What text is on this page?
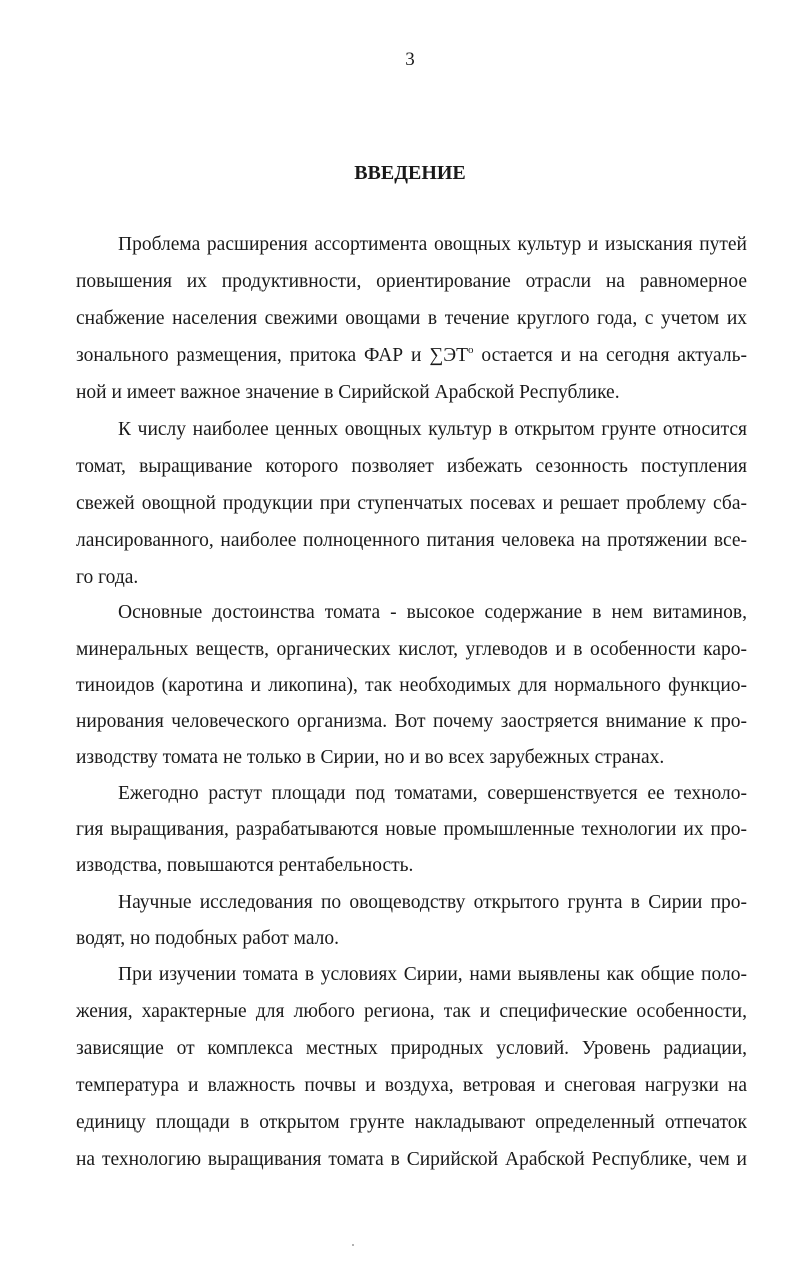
3
ВВЕДЕНИЕ
Проблема расширения ассортимента овощных культур и изыскания путей
повышения их продуктивности, ориентирование отрасли на равномерное
снабжение населения свежими овощами в течение круглого года, с учетом их
зонального размещения, притока ФАР и $\sum ЭТ^о$ остается и на сегодня актуаль-
ной и имеет важное значение в Сирийской Арабской Республике.
К числу наиболее ценных овощных культур в открытом грунте относится
томат, выращивание которого позволяет избежать сезонность поступления
свежей овощной продукции при ступенчатых посевах и решает проблему сба-
лансированного, наиболее полноценного питания человека на протяжении все-
го года.
Основные достоинства томата - высокое содержание в нем витаминов,
минеральных веществ, органических кислот, углеводов и в особенности каро-
тиноидов (каротина и ликопина), так необходимых для нормального функцио-
нирования человеческого организма. Вот почему заостряется внимание к про-
изводству томата не только в Сирии, но и во всех зарубежных странах.
Ежегодно растут площади под томатами, совершенствуется ее техноло-
гия выращивания, разрабатываются новые промышленные технологии их про-
изводства, повышаются рентабельность.
Научные исследования по овощеводству открытого грунта в Сирии про-
водят, но подобных работ мало.
При изучении томата в условиях Сирии, нами выявлены как общие поло-
жения, характерные для любого региона, так и специфические особенности,
зависящие от комплекса местных природных условий. Уровень радиации,
температура и влажность почвы и воздуха, ветровая и снеговая нагрузки на
единицу площади в открытом грунте накладывают определенный отпечаток
на технологию выращивания томата в Сирийской Арабской Республике, чем и
